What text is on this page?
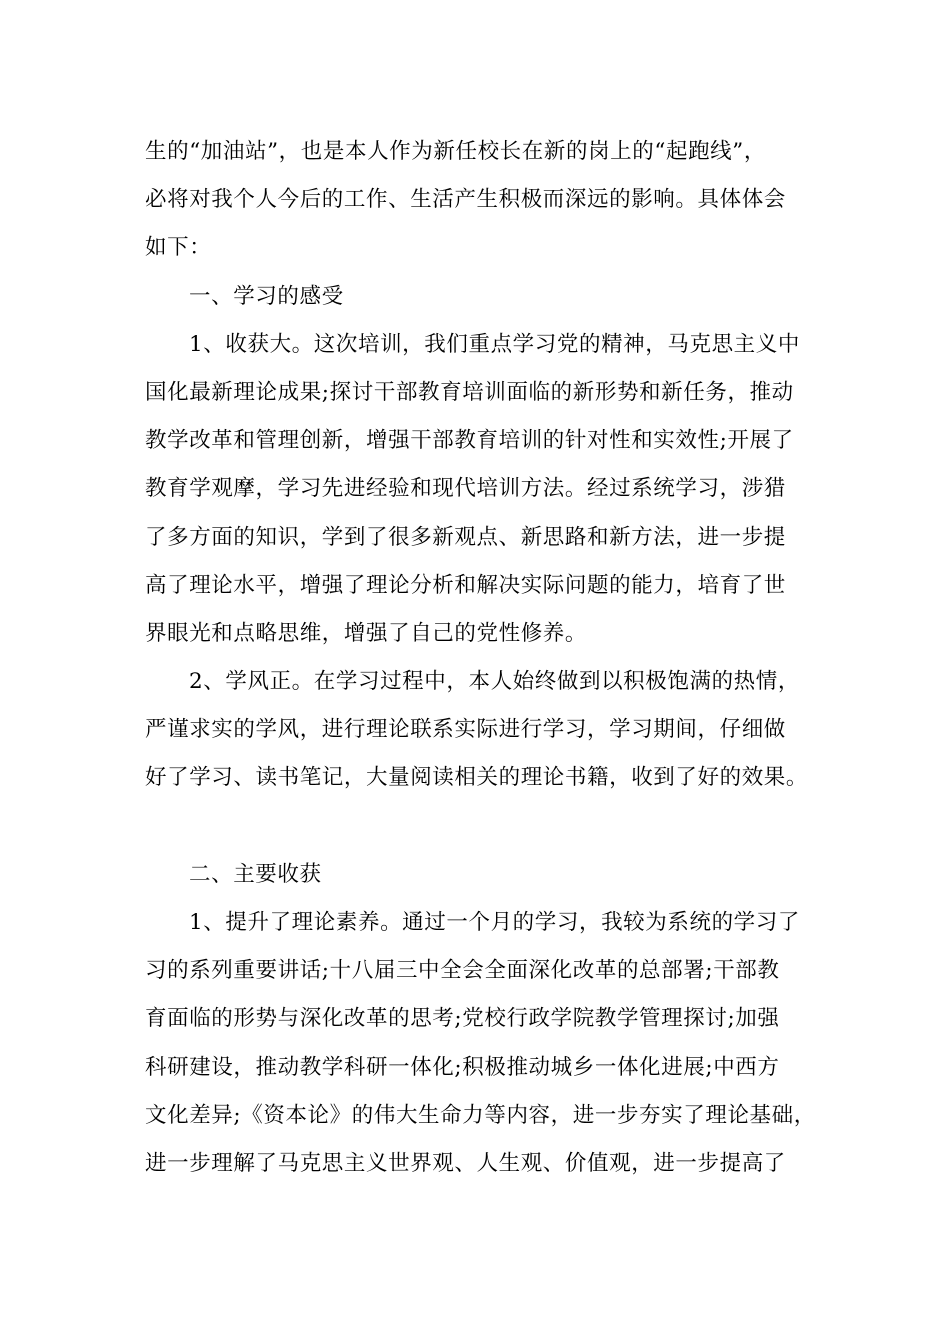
生的“加油站”，也是本人作为新任校长在新的岗上的“起跑线”，
必将对我个人今后的工作、生活产生积极而深远的影响。具体体会
如下：
一、学习的感受
1、收获大。这次培训，我们重点学习党的精神，马克思主义中
国化最新理论成果;探讨干部教育培训面临的新形势和新任务，推动
教学改革和管理创新，增强干部教育培训的针对性和实效性;开展了
教育学观摩，学习先进经验和现代培训方法。经过系统学习，涉猎
了多方面的知识，学到了很多新观点、新思路和新方法，进一步提
高了理论水平，增强了理论分析和解决实际问题的能力，培育了世
界眼光和点略思维，增强了自己的党性修养。
2、学风正。在学习过程中，本人始终做到以积极饱满的热情，
严谨求实的学风，进行理论联系实际进行学习，学习期间，仔细做
好了学习、读书笔记，大量阅读相关的理论书籍，收到了好的效果。
二、主要收获
1、提升了理论素养。通过一个月的学习，我较为系统的学习了
习的系列重要讲话;十八届三中全会全面深化改革的总部署;干部教
育面临的形势与深化改革的思考;党校行政学院教学管理探讨;加强
科研建设，推动教学科研一体化;积极推动城乡一体化进展;中西方
文化差异;《资本论》的伟大生命力等内容，进一步夯实了理论基础，
进一步理解了马克思主义世界观、人生观、价值观，进一步提高了
